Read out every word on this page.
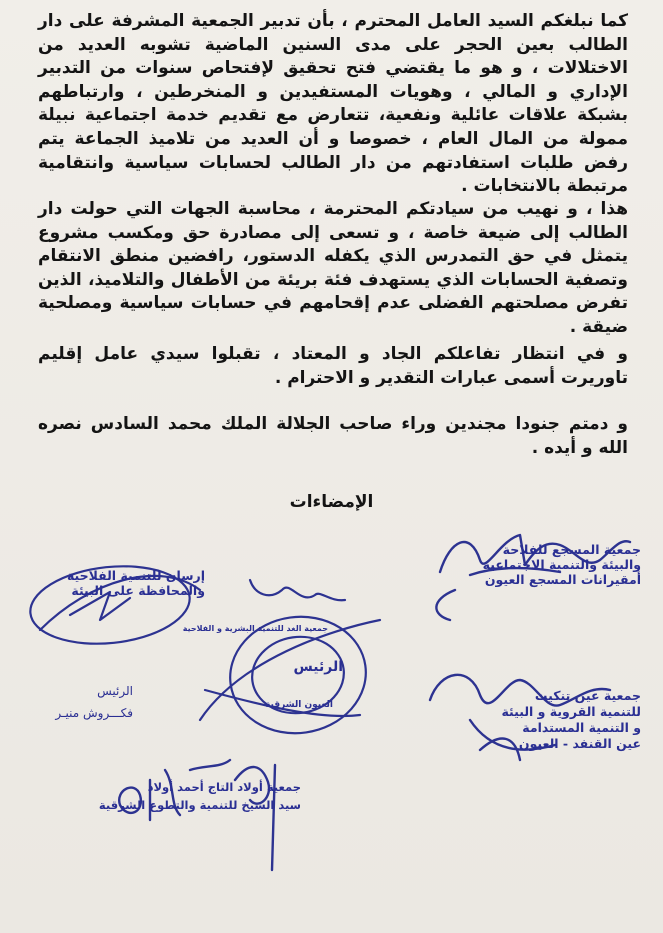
كما نبلغكم السيد العامل المحترم ، بأن تدبير الجمعية المشرفة على دار الطالب بعين الحجر على مدى السنين الماضية تشوبه العديد من الاختلالات ، و هو ما يقتضي فتح تحقيق لإفتحاص سنوات من التدبير الإداري و المالي ، وهويات المستفيدين و المنخرطين ، وارتباطهم بشبكة علاقات عائلية ونفعية، تتعارض مع تقديم خدمة اجتماعية نبيلة ممولة من المال العام ، خصوصا و أن العديد من تلاميذ الجماعة يتم رفض طلبات استفادتهم من دار الطالب لحسابات سياسية وانتقامية مرتبطة بالانتخابات .

هذا ، و نهيب من سيادتكم المحترمة ، محاسبة الجهات التي حولت دار الطالب إلى ضيعة خاصة ، و تسعى إلى مصادرة حق ومكسب مشروع يتمثل في حق التمدرس الذي يكفله الدستور، رافضين منطق الانتقام وتصفية الحسابات الذي يستهدف فئة بريئة من الأطفال والتلاميذ، الذين تفرض مصلحتهم الفضلى عدم إقحامهم في حسابات سياسية ومصلحية ضيقة .

و في انتظار تفاعلكم الجاد و المعتاد ، تقبلوا سيدي عامل إقليم تاوريرت أسمى عبارات التقدير و الاحترام .

و دمتم جنودا مجندين وراء صاحب الجلالة الملك محمد السادس نصره الله و أيده .

الإمضاءات
جمعية المسجع للفلاحة
والبيئة والتنمية الاجتماعية
أمقيرانات المسجع العيون
إرسان للتنمية الفلاحية
والمحافظة على البيئة
الرئيس
فكـــروش منيـر
جمعية الغد للتنمية البشرية و الفلاحية
الرئيس
العيون الشرقية
جمعية عين تنكيت
للتنمية القروية و البيئة
و التنمية المستدامة
عين القنفد - العيون
جمعية أولاد التاج أحمد أولاد
سيد الشيخ للتنمية والتطوع الشرقية
